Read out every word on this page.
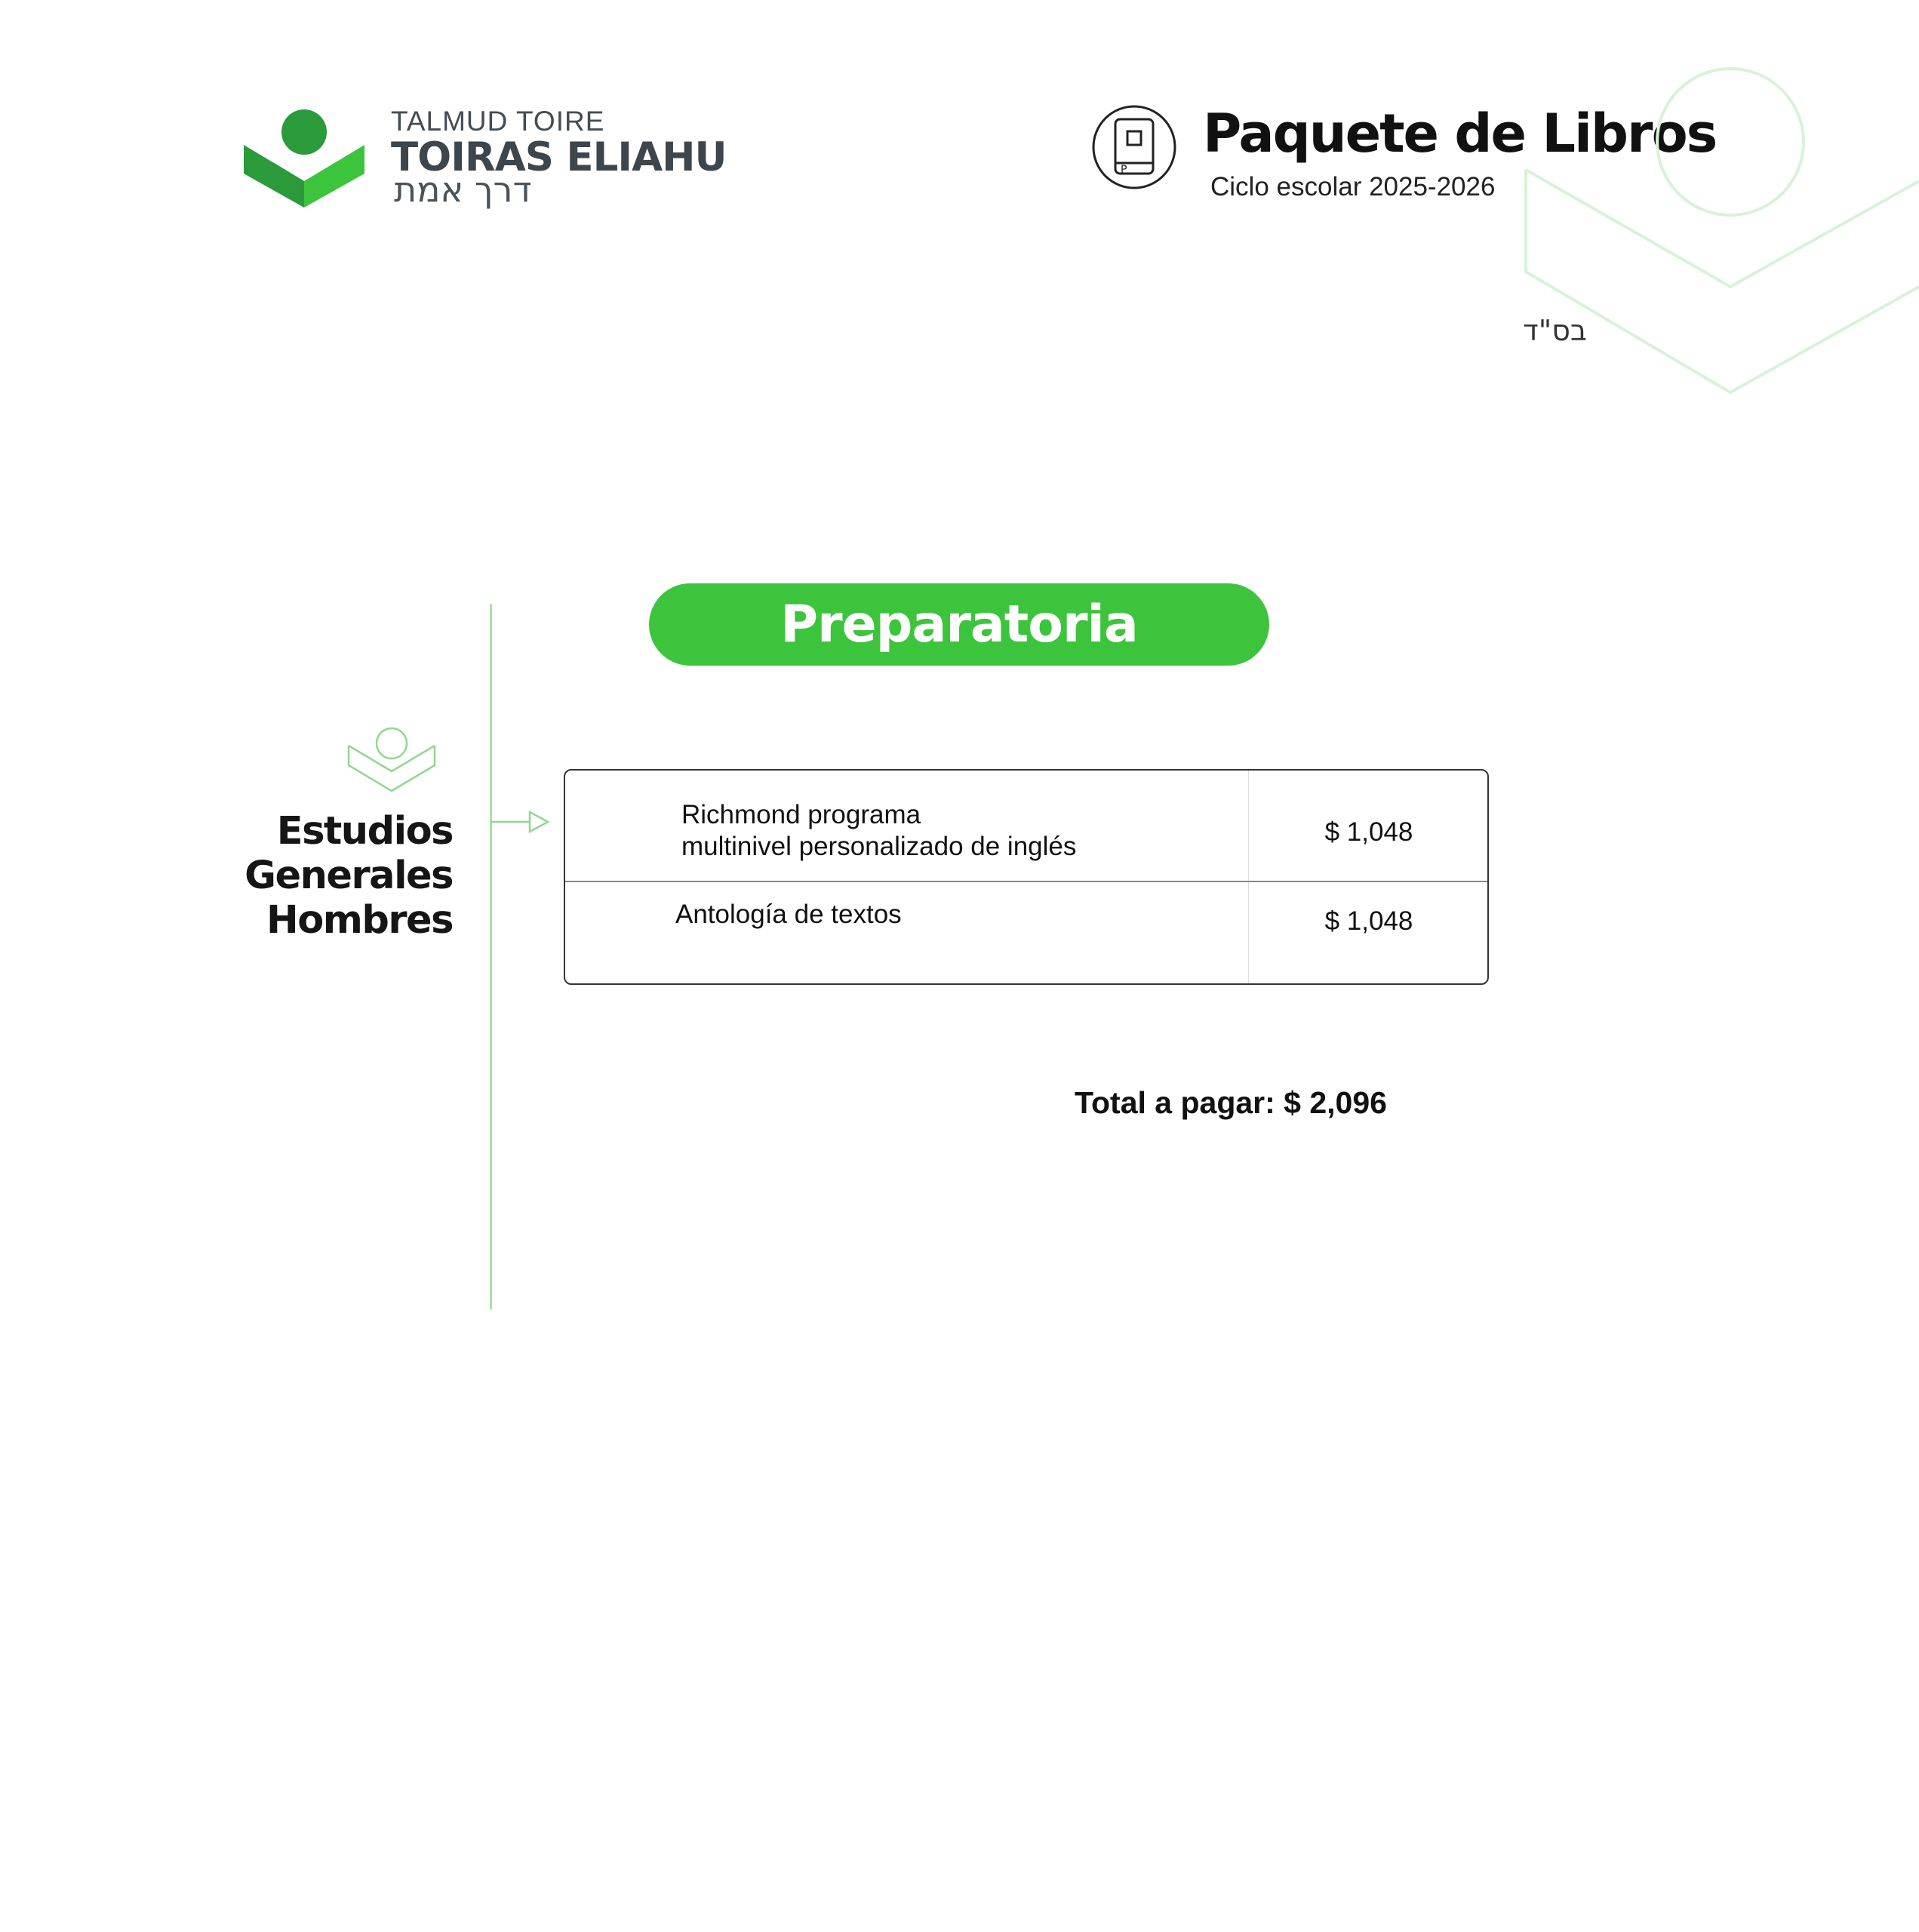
TALMUD TOIRE
TOIRAS ELIAHU
דרך אמת	P
Paquete de Libros
Ciclo escolar 2025-2026
בס"ד
Preparatoria
Estudios
Generales
Hombres
Richmond programa
multinivel personalizado de inglés	$ 1,048
Antología de textos	$ 1,048
Total a pagar: $ 2,096
